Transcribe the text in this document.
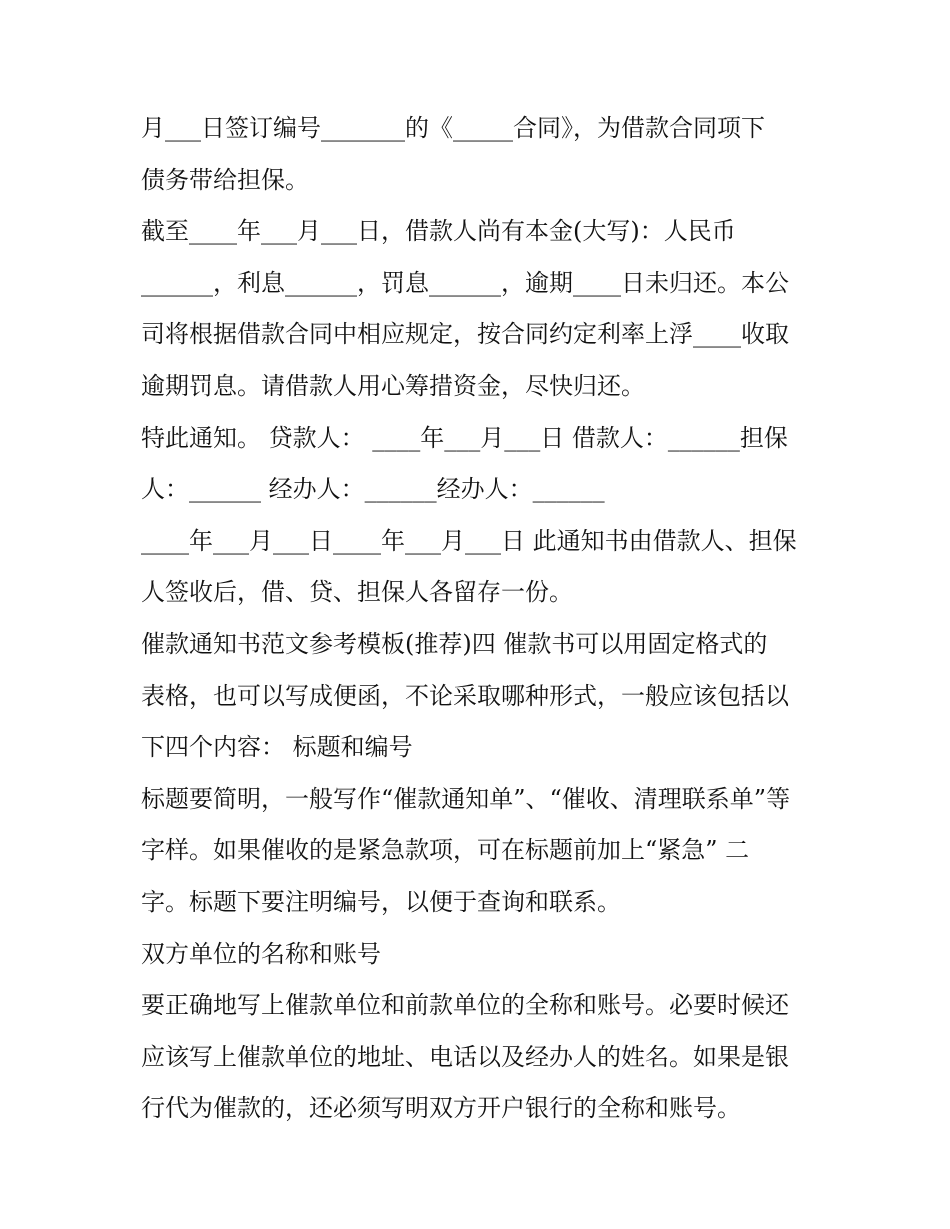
月___日签订编号_______的《_____合同》，为借款合同项下
债务带给担保。
截至____年___月___日，借款人尚有本金(大写)：人民币
______，利息______，罚息______，逾期____日未归还。本公
司将根据借款合同中相应规定，按合同约定利率上浮____收取
逾期罚息。请借款人用心筹措资金，尽快归还。
特此通知。 贷款人： ____年___月___日 借款人：______担保
人：______ 经办人：______经办人：______
____年___月___日____年___月___日 此通知书由借款人、担保
人签收后，借、贷、担保人各留存一份。
催款通知书范文参考模板(推荐)四 催款书可以用固定格式的
表格，也可以写成便函，不论采取哪种形式，一般应该包括以
下四个内容： 标题和编号
标题要简明，一般写作“催款通知单”、“催收、清理联系单”等
字样。如果催收的是紧急款项，可在标题前加上“紧急” 二
字。标题下要注明编号，以便于查询和联系。
双方单位的名称和账号
要正确地写上催款单位和前款单位的全称和账号。必要时候还
应该写上催款单位的地址、电话以及经办人的姓名。如果是银
行代为催款的，还必须写明双方开户银行的全称和账号。
